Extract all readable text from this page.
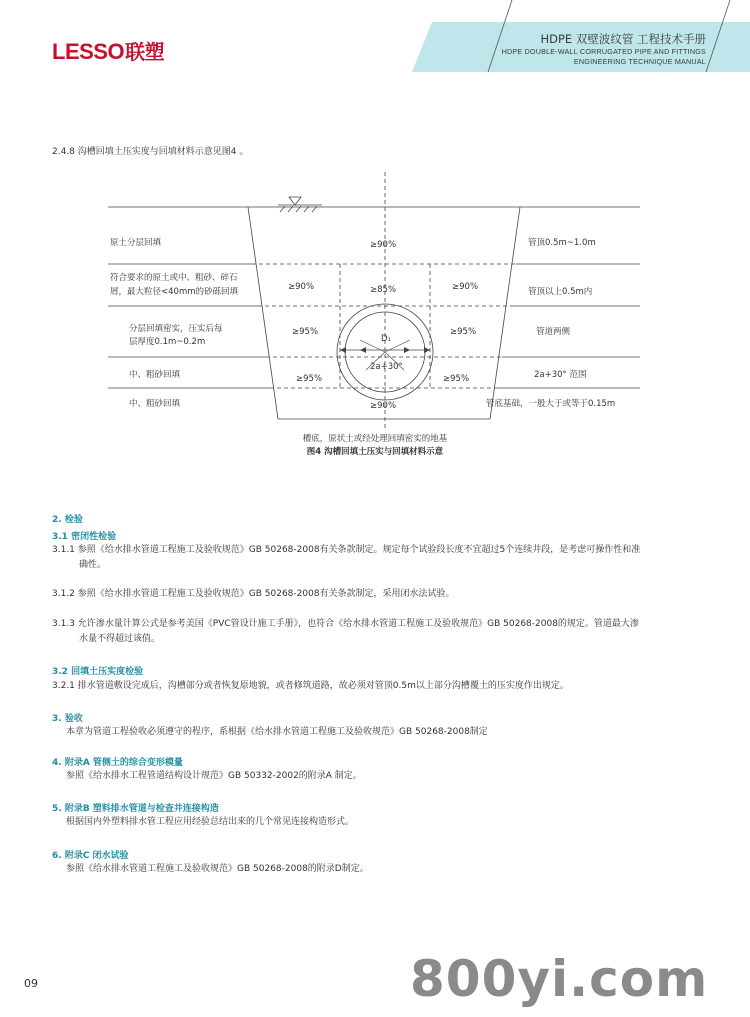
LESSO联塑
HDPE 双壁波纹管 工程技术手册
HDPE DOUBLE-WALL CORRUGATED PIPE AND FITTINGS
ENGINEERING TECHNIQUE MANUAL
2.4.8 沟槽回填土压实度与回填材料示意见图4 。
原土分层回填
符合要求的原土或中、粗砂、碎石
屑，最大粒径<40mm的砂砾回填
分层回填密实，压实后每
层厚度0.1m~0.2m
中、粗砂回填
中、粗砂回填
管顶0.5m~1.0m
管顶以上0.5m内
管道两侧
2a+30° 范围
管底基础，一般大于或等于0.15m
≥90%
≥90%	≥85%	≥90%
≥95%	≥95%
≥95%	≥95%
≥90%
D₁
2a+30°
槽底，原状土或经处理回填密实的地基
图4 沟槽回填土压实与回填材料示意
2. 检验
3.1 密闭性检验
3.1.1 参照《给水排水管道工程施工及验收规范》GB 50268-2008有关条款制定。规定每个试验段长度不宜超过5个连续井段，是考虑可操作性和准
确性。
3.1.2 参照《给水排水管道工程施工及验收规范》GB 50268-2008有关条款制定，采用闭水法试验。
3.1.3 允许渗水量计算公式是参考美国《PVC管设计施工手册》，也符合《给水排水管道工程施工及验收规范》GB 50268-2008的规定。管道最大渗
水量不得超过该值。
3.2 回填土压实度检验
3.2.1 排水管道敷设完成后，沟槽部分或者恢复原地貌，或者修筑道路，故必须对管顶0.5m以上部分沟槽覆土的压实度作出规定。
3. 验收
本章为管道工程验收必须遵守的程序，系根据《给水排水管道工程施工及验收规范》GB 50268-2008制定
4. 附录A 管侧土的综合变形模量
参照《给水排水工程管道结构设计规范》GB 50332-2002的附录A 制定。
5. 附录B 塑料排水管道与检查井连接构造
根据国内外塑料排水管工程应用经验总结出来的几个常见连接构造形式。
6. 附录C 闭水试验
参照《给水排水管道工程施工及验收规范》GB 50268-2008的附录D制定。
09	800yi.com
